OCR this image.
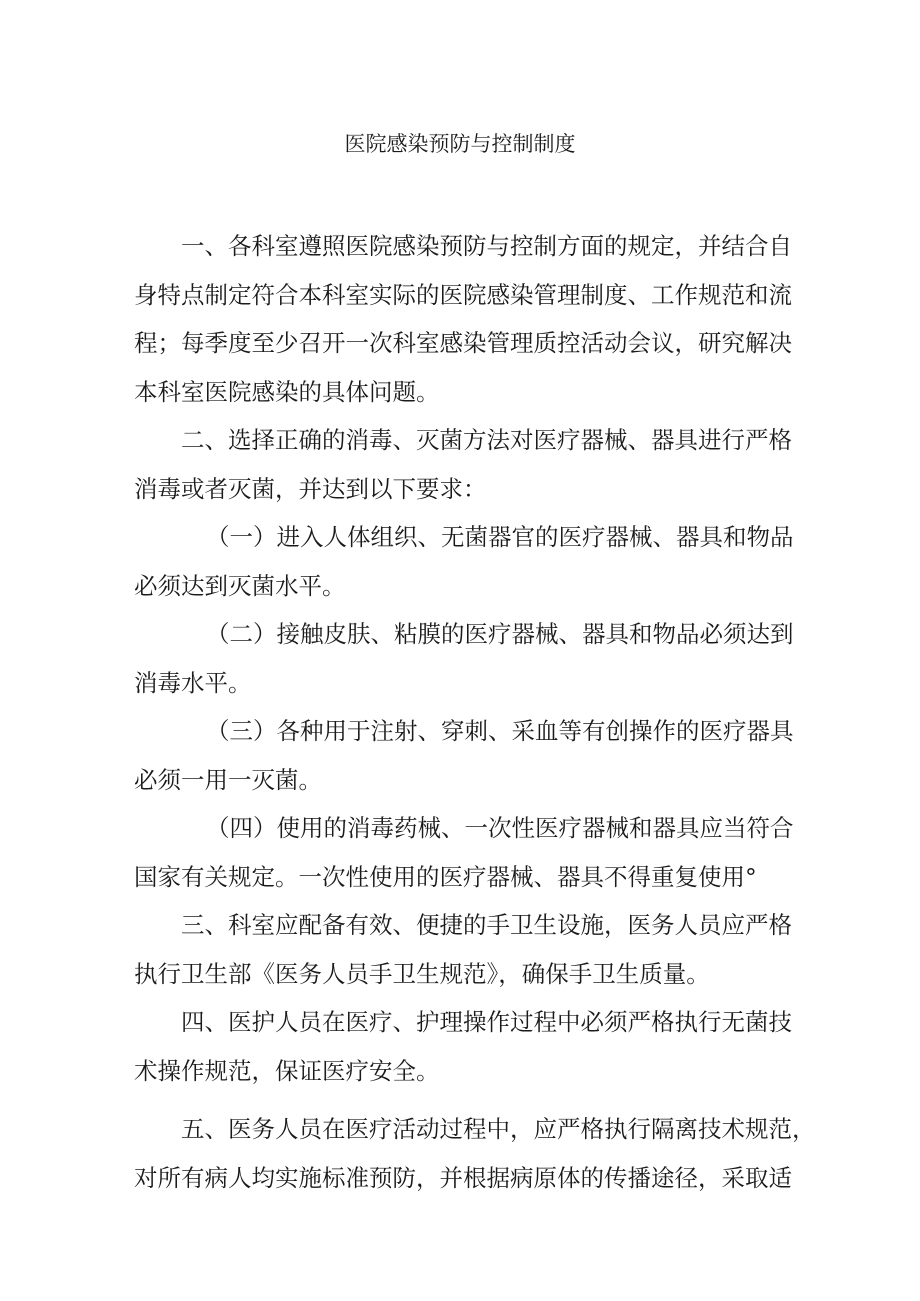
医院感染预防与控制制度

一、各科室遵照医院感染预防与控制方面的规定，并结合自
身特点制定符合本科室实际的医院感染管理制度、工作规范和流
程；每季度至少召开一次科室感染管理质控活动会议，研究解决
本科室医院感染的具体问题。

二、选择正确的消毒、灭菌方法对医疗器械、器具进行严格
消毒或者灭菌，并达到以下要求：

（一）进入人体组织、无菌器官的医疗器械、器具和物品
必须达到灭菌水平。

（二）接触皮肤、粘膜的医疗器械、器具和物品必须达到
消毒水平。

（三）各种用于注射、穿刺、采血等有创操作的医疗器具
必须一用一灭菌。

（四）使用的消毒药械、一次性医疗器械和器具应当符合
国家有关规定。一次性使用的医疗器械、器具不得重复使用°

三、科室应配备有效、便捷的手卫生设施，医务人员应严格
执行卫生部《医务人员手卫生规范》，确保手卫生质量。

四、医护人员在医疗、护理操作过程中必须严格执行无菌技
术操作规范，保证医疗安全。

五、医务人员在医疗活动过程中，应严格执行隔离技术规范，
对所有病人均实施标准预防，并根据病原体的传播途径，采取适
